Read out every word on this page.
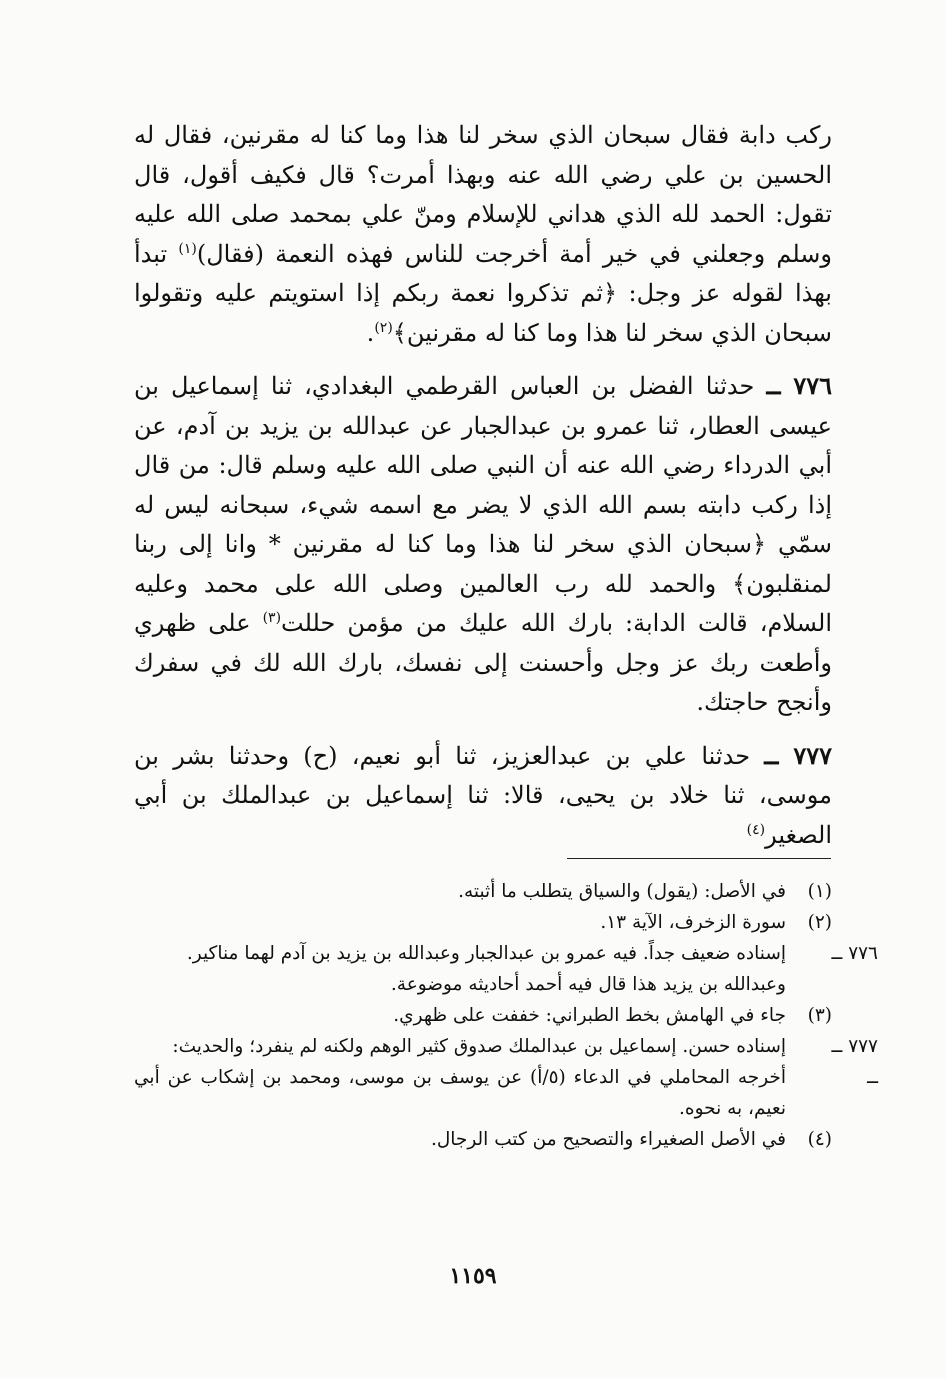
ركب دابة فقال سبحان الذي سخر لنا هذا وما كنا له مقرنين، فقال له الحسين بن علي رضي الله عنه وبهذا أمرت؟ قال فكيف أقول، قال تقول: الحمد لله الذي هداني للإسلام ومنّ علي بمحمد صلى الله عليه وسلم وجعلني في خير أمة أخرجت للناس فهذه النعمة (فقال)$^{(١)}$ تبدأ بهذا لقوله عز وجل: ﴿ثم تذكروا نعمة ربكم إذا استويتم عليه وتقولوا سبحان الذي سخر لنا هذا وما كنا له مقرنين﴾$^{(٢)}$.

٧٧٦ ــ حدثنا الفضل بن العباس القرطمي البغدادي، ثنا إسماعيل بن عيسى العطار، ثنا عمرو بن عبدالجبار عن عبدالله بن يزيد بن آدم، عن أبي الدرداء رضي الله عنه أن النبي صلى الله عليه وسلم قال: من قال إذا ركب دابته بسم الله الذي لا يضر مع اسمه شيء، سبحانه ليس له سمّي ﴿سبحان الذي سخر لنا هذا وما كنا له مقرنين * وانا إلى ربنا لمنقلبون﴾ والحمد لله رب العالمين وصلى الله على محمد وعليه السلام، قالت الدابة: بارك الله عليك من مؤمن حللت$^{(٣)}$ على ظهري وأطعت ربك عز وجل وأحسنت إلى نفسك، بارك الله لك في سفرك وأنجح حاجتك.

٧٧٧ ــ حدثنا علي بن عبدالعزيز، ثنا أبو نعيم، (ح) وحدثنا بشر بن موسى، ثنا خلاد بن يحيى، قالا: ثنا إسماعيل بن عبدالملك بن أبي الصغير$^{(٤)}$

(١)في الأصل: (يقول) والسياق يتطلب ما أثبته.

(٢)سورة الزخرف، الآية ١٣.

٧٧٦ ــإسناده ضعيف جداً. فيه عمرو بن عبدالجبار وعبدالله بن يزيد بن آدم لهما مناكير.

وعبدالله بن يزيد هذا قال فيه أحمد أحاديثه موضوعة.

(٣)جاء في الهامش بخط الطبراني: خففت على ظهري.

٧٧٧ ــإسناده حسن. إسماعيل بن عبدالملك صدوق كثير الوهم ولكنه لم ينفرد؛ والحديث:

ــأخرجه المحاملي في الدعاء (٥/أ) عن يوسف بن موسى، ومحمد بن إشكاب عن أبي نعيم، به نحوه.

(٤)في الأصل الصغيراء والتصحيح من كتب الرجال.

١١٥٩
